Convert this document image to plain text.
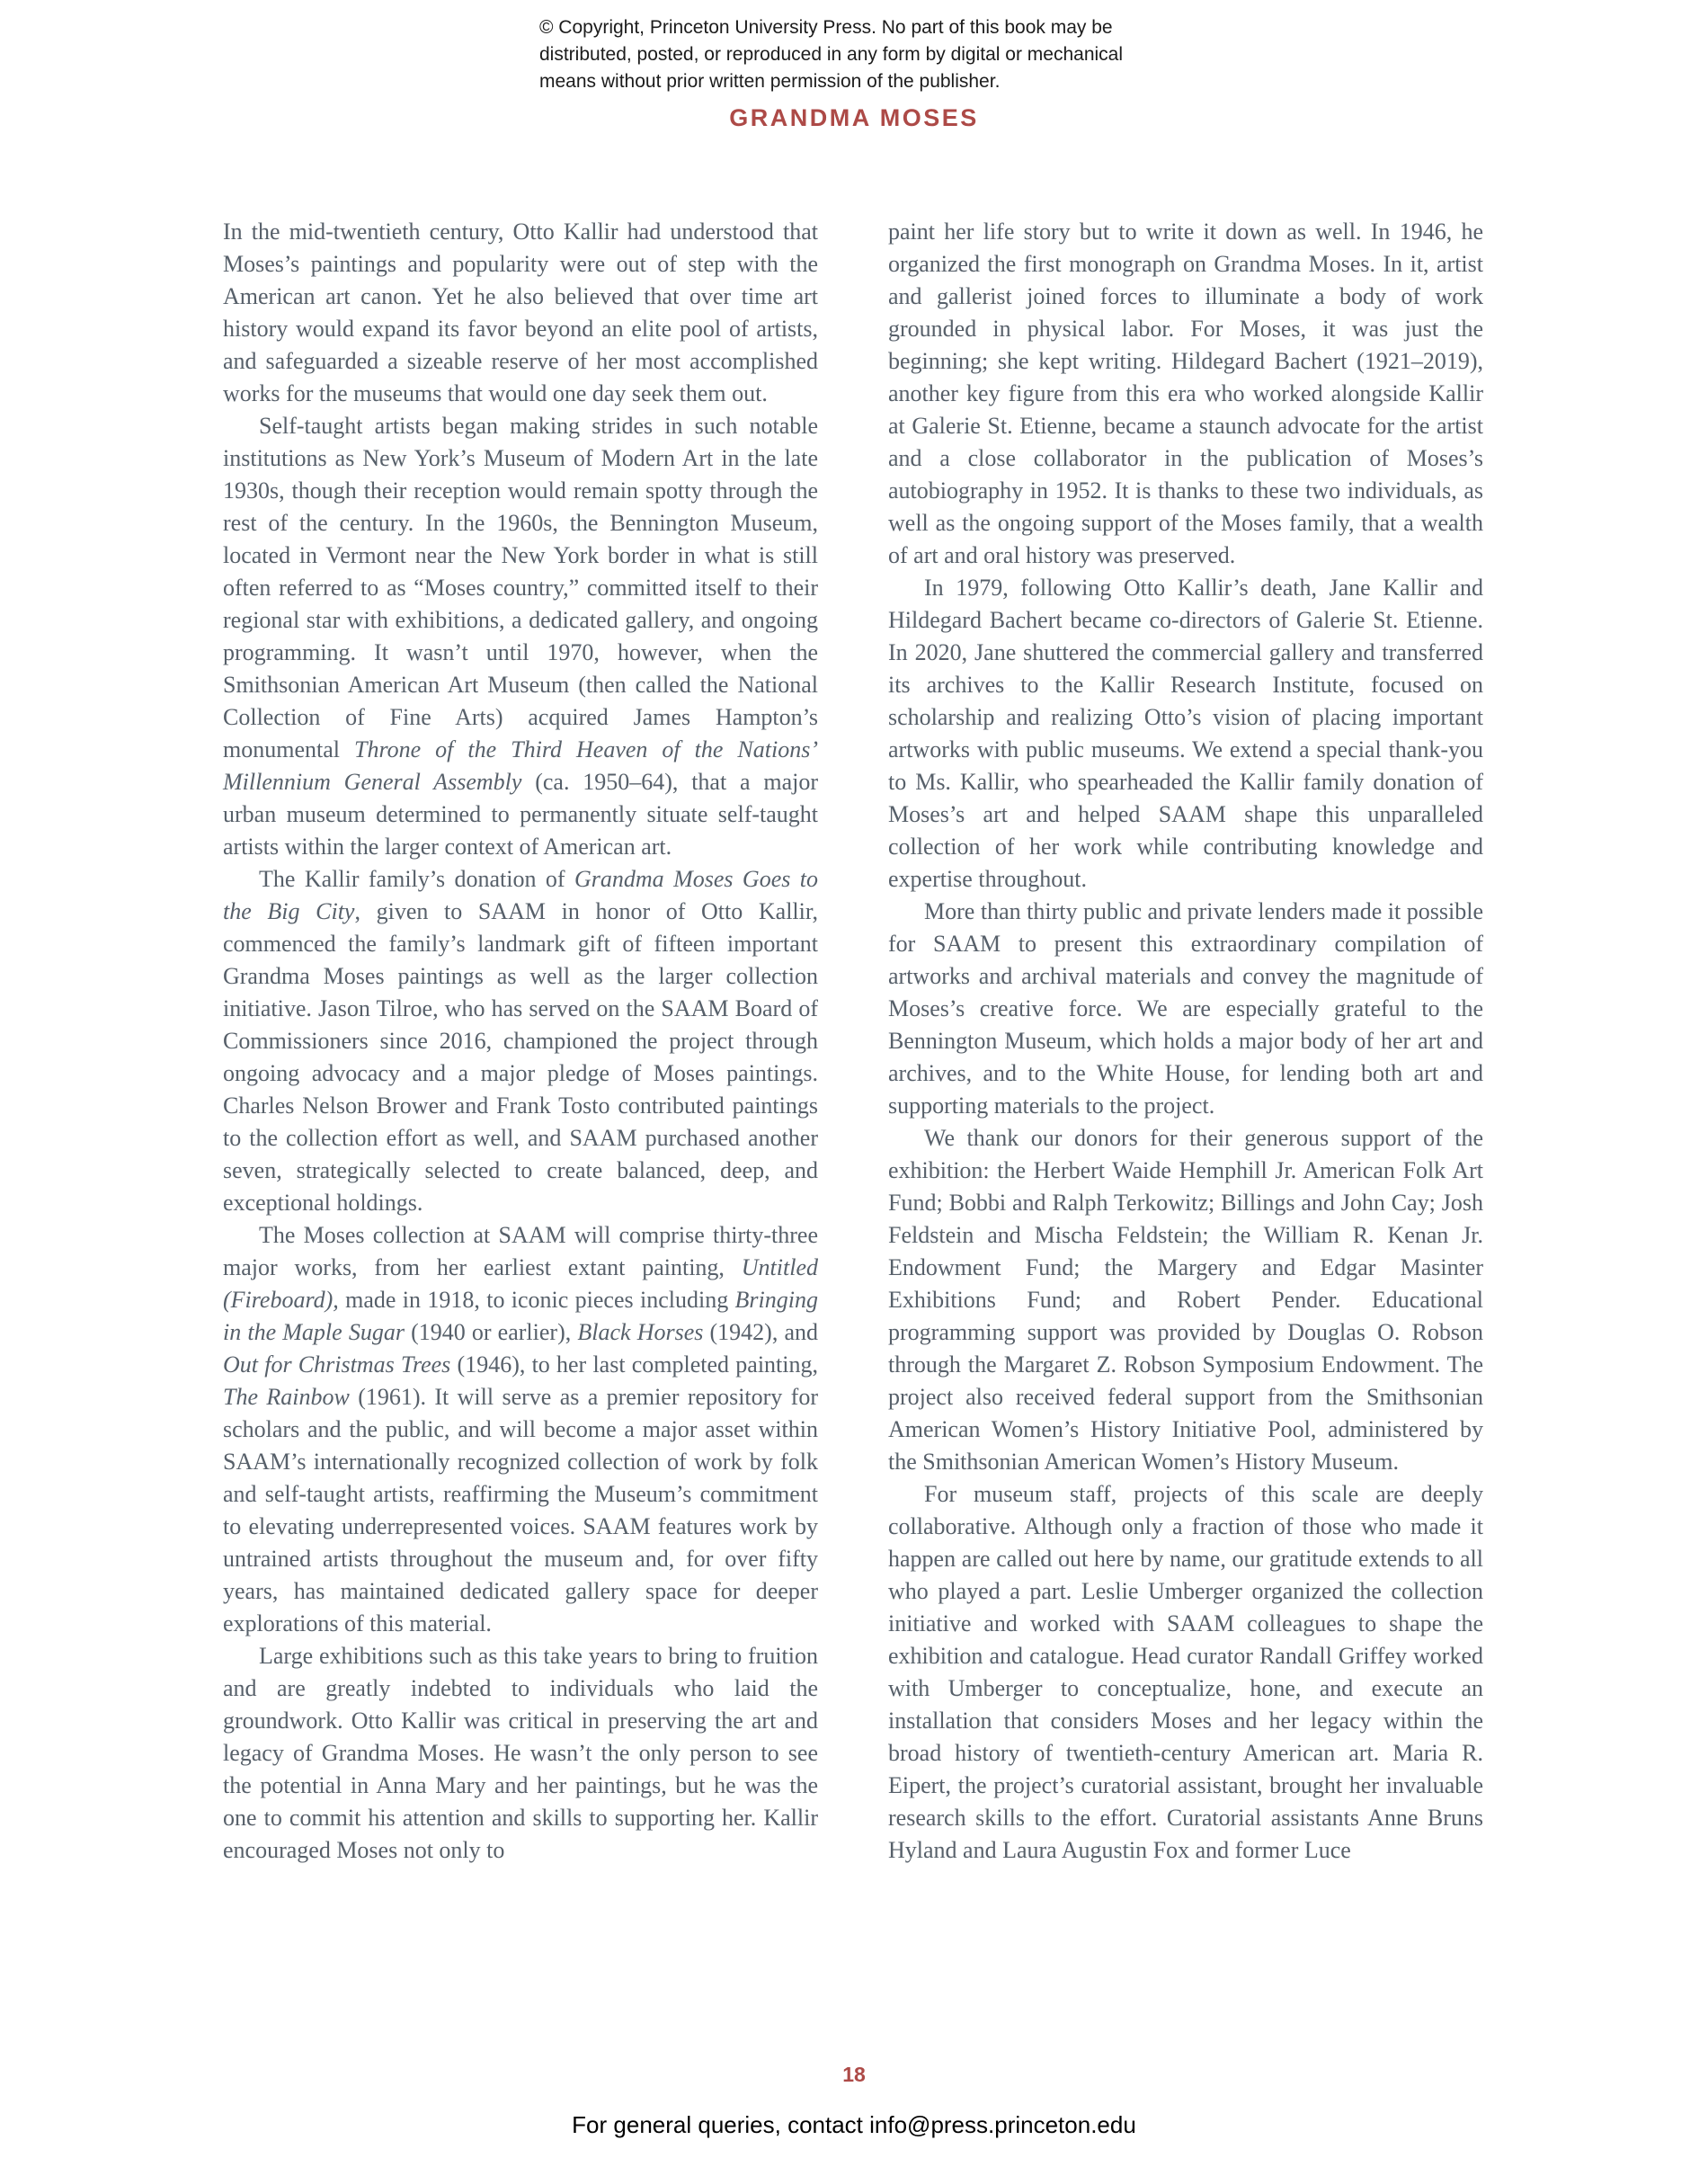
© Copyright, Princeton University Press. No part of this book may be
distributed, posted, or reproduced in any form by digital or mechanical
means without prior written permission of the publisher.
GRANDMA MOSES

In the mid-twentieth century, Otto Kallir had understood that Moses’s paintings and popularity were out of step with the American art canon. Yet he also believed that over time art history would expand its favor beyond an elite pool of artists, and safeguarded a sizeable reserve of her most accomplished works for the museums that would one day seek them out.

Self-taught artists began making strides in such notable institutions as New York’s Museum of Modern Art in the late 1930s, though their reception would remain spotty through the rest of the century. In the 1960s, the Bennington Museum, located in Vermont near the New York border in what is still often referred to as “Moses country,” committed itself to their regional star with exhibitions, a dedicated gallery, and ongoing programming. It wasn’t until 1970, however, when the Smithsonian American Art Museum (then called the National Collection of Fine Arts) acquired James Hampton’s monumental Throne of the Third Heaven of the Nations’ Millennium General Assembly (ca. 1950–64), that a major urban museum determined to permanently situate self-taught artists within the larger context of American art.

The Kallir family’s donation of Grandma Moses Goes to the Big City, given to SAAM in honor of Otto Kallir, commenced the family’s landmark gift of fifteen important Grandma Moses paintings as well as the larger collection initiative. Jason Tilroe, who has served on the SAAM Board of Commissioners since 2016, championed the project through ongoing advocacy and a major pledge of Moses paintings. Charles Nelson Brower and Frank Tosto contributed paintings to the collection effort as well, and SAAM purchased another seven, strategically selected to create balanced, deep, and exceptional holdings.

The Moses collection at SAAM will comprise thirty-three major works, from her earliest extant painting, Untitled (Fireboard), made in 1918, to iconic pieces including Bringing in the Maple Sugar (1940 or earlier), Black Horses (1942), and Out for Christmas Trees (1946), to her last completed painting, The Rainbow (1961). It will serve as a premier repository for scholars and the public, and will become a major asset within SAAM’s internationally recognized collection of work by folk and self-taught artists, reaffirming the Museum’s commitment to elevating underrepresented voices. SAAM features work by untrained artists throughout the museum and, for over fifty years, has maintained dedicated gallery space for deeper explorations of this material.

Large exhibitions such as this take years to bring to fruition and are greatly indebted to individuals who laid the groundwork. Otto Kallir was critical in preserving the art and legacy of Grandma Moses. He wasn’t the only person to see the potential in Anna Mary and her paintings, but he was the one to commit his attention and skills to supporting her. Kallir encouraged Moses not only to

paint her life story but to write it down as well. In 1946, he organized the first monograph on Grandma Moses. In it, artist and gallerist joined forces to illuminate a body of work grounded in physical labor. For Moses, it was just the beginning; she kept writing. Hildegard Bachert (1921–2019), another key figure from this era who worked alongside Kallir at Galerie St. Etienne, became a staunch advocate for the artist and a close collaborator in the publication of Moses’s autobiography in 1952. It is thanks to these two individuals, as well as the ongoing support of the Moses family, that a wealth of art and oral history was preserved.

In 1979, following Otto Kallir’s death, Jane Kallir and Hildegard Bachert became co-directors of Galerie St. Etienne. In 2020, Jane shuttered the commercial gallery and transferred its archives to the Kallir Research Institute, focused on scholarship and realizing Otto’s vision of placing important artworks with public museums. We extend a special thank-you to Ms. Kallir, who spearheaded the Kallir family donation of Moses’s art and helped SAAM shape this unparalleled collection of her work while contributing knowledge and expertise throughout.

More than thirty public and private lenders made it possible for SAAM to present this extraordinary compilation of artworks and archival materials and convey the magnitude of Moses’s creative force. We are especially grateful to the Bennington Museum, which holds a major body of her art and archives, and to the White House, for lending both art and supporting materials to the project.

We thank our donors for their generous support of the exhibition: the Herbert Waide Hemphill Jr. American Folk Art Fund; Bobbi and Ralph Terkowitz; Billings and John Cay; Josh Feldstein and Mischa Feldstein; the William R. Kenan Jr. Endowment Fund; the Margery and Edgar Masinter Exhibitions Fund; and Robert Pender. Educational programming support was provided by Douglas O. Robson through the Margaret Z. Robson Symposium Endowment. The project also received federal support from the Smithsonian American Women’s History Initiative Pool, administered by the Smithsonian American Women’s History Museum.

For museum staff, projects of this scale are deeply collaborative. Although only a fraction of those who made it happen are called out here by name, our gratitude extends to all who played a part. Leslie Umberger organized the collection initiative and worked with SAAM colleagues to shape the exhibition and catalogue. Head curator Randall Griffey worked with Umberger to conceptualize, hone, and execute an installation that considers Moses and her legacy within the broad history of twentieth-century American art. Maria R. Eipert, the project’s curatorial assistant, brought her invaluable research skills to the effort. Curatorial assistants Anne Bruns Hyland and Laura Augustin Fox and former Luce

18
For general queries, contact info@press.princeton.edu
